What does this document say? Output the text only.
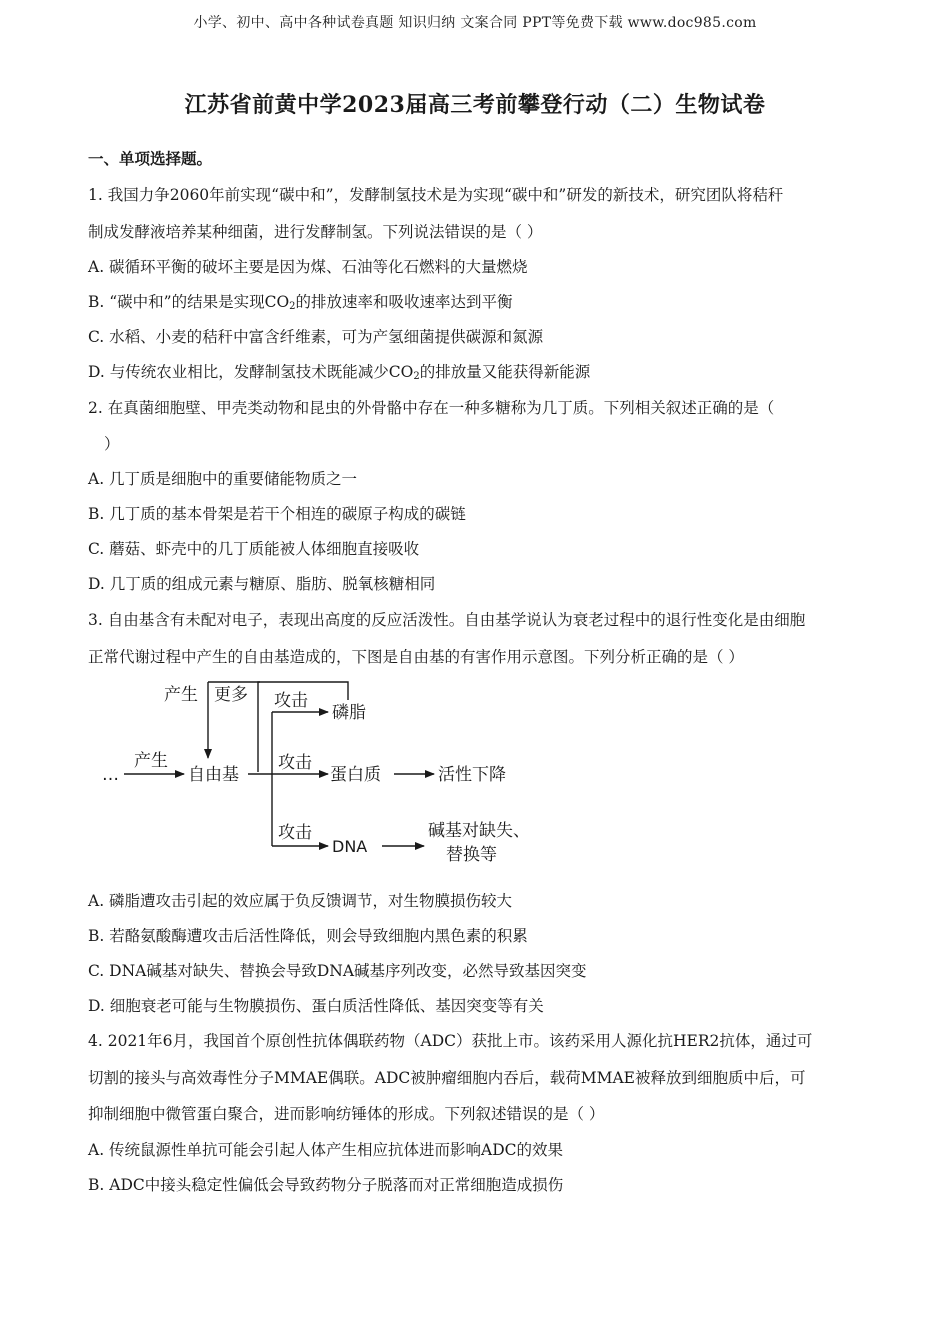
小学、初中、高中各种试卷真题 知识归纳 文案合同 PPT等免费下载 www.doc985.com
江苏省前黄中学2023届高三考前攀登行动（二）生物试卷
一、单项选择题。
1. 我国力争2060年前实现“碳中和”，发酵制氢技术是为实现“碳中和”研发的新技术，研究团队将秸秆
制成发酵液培养某种细菌，进行发酵制氢。下列说法错误的是（ ）
A. 碳循环平衡的破坏主要是因为煤、石油等化石燃料的大量燃烧
B. “碳中和”的结果是实现$CO_2$的排放速率和吸收速率达到平衡
C. 水稻、小麦的秸秆中富含纤维素，可为产氢细菌提供碳源和氮源
D. 与传统农业相比，发酵制氢技术既能减少$CO_2$的排放量又能获得新能源
2. 在真菌细胞壁、甲壳类动物和昆虫的外骨骼中存在一种多糖称为几丁质。下列相关叙述正确的是（
）
A. 几丁质是细胞中的重要储能物质之一
B. 几丁质的基本骨架是若干个相连的碳原子构成的碳链
C. 蘑菇、虾壳中的几丁质能被人体细胞直接吸收
D. 几丁质的组成元素与糖原、脂肪、脱氧核糖相同
3. 自由基含有未配对电子，表现出高度的反应活泼性。自由基学说认为衰老过程中的退行性变化是由细胞
正常代谢过程中产生的自由基造成的，下图是自由基的有害作用示意图。下列分析正确的是（ ）
产生 更多
…
产生
自由基
攻击
磷脂
攻击
蛋白质	活性下降
攻击
DNA
碱基对缺失、
替换等
A. 磷脂遭攻击引起的效应属于负反馈调节，对生物膜损伤较大
B. 若酪氨酸酶遭攻击后活性降低，则会导致细胞内黑色素的积累
C. DNA碱基对缺失、替换会导致DNA碱基序列改变，必然导致基因突变
D. 细胞衰老可能与生物膜损伤、蛋白质活性降低、基因突变等有关
4. 2021年6月，我国首个原创性抗体偶联药物（ADC）获批上市。该药采用人源化抗HER2抗体，通过可
切割的接头与高效毒性分子MMAE偶联。ADC被肿瘤细胞内吞后，载荷MMAE被释放到细胞质中后，可
抑制细胞中微管蛋白聚合，进而影响纺锤体的形成。下列叙述错误的是（ ）
A. 传统鼠源性单抗可能会引起人体产生相应抗体进而影响ADC的效果
B. ADC中接头稳定性偏低会导致药物分子脱落而对正常细胞造成损伤
